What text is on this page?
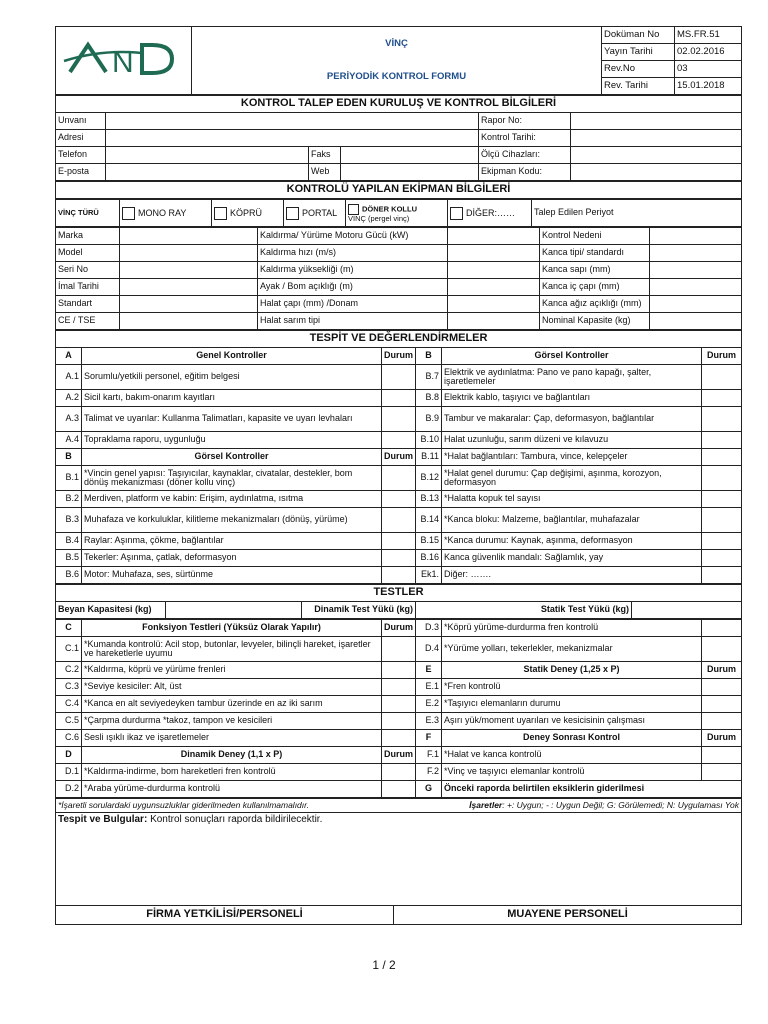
N	VİNÇ	Doküman No	MS.FR.51
		Yayın Tarihi	02.02.2016
	PERİYODİK KONTROL FORMU	Rev.No	03
		Rev. Tarihi	15.01.2018
KONTROL TALEP EDEN KURULUŞ VE KONTROL BİLGİLERİ					
Unvanı				Rapor No:	
Adresi				Kontrol Tarihi:	
Telefon		Faks		Ölçü Cihazları:	
E-posta		Web		Ekipman Kodu:	
KONTROLÜ YAPILAN EKİPMAN BİLGİLERİ
VİNÇ TÜRÜ	MONO RAY	KÖPRÜ	PORTAL	DÖNER KOLLU
VİNÇ (pergel vinç)	DİĞER:……	Talep Edilen Periyot
Marka		Kaldırma/ Yürüme Motoru Gücü (kW)		Kontrol Nedeni	
Model		Kaldırma hızı (m/s)		Kanca tipi/ standardı	
Seri No		Kaldırma yüksekliği (m)		Kanca sapı (mm)	
İmal Tarihi		Ayak / Bom açıklığı (m)		Kanca iç çapı (mm)	
Standart		Halat çapı (mm) /Donam		Kanca ağız açıklığı (mm)	
CE / TSE		Halat sarım tipi		Nominal Kapasite (kg)	
TESPİT VE DEĞERLENDİRMELER					
A	Genel Kontroller	Durum	B	Görsel Kontroller	Durum
A.1	Sorumlu/yetkili personel, eğitim belgesi		B.7	Elektrik ve aydınlatma: Pano ve pano kapağı, şalter, işaretlemeler	
A.2	Sicil kartı, bakım-onarım kayıtları		B.8	Elektrik kablo, taşıyıcı ve bağlantıları	
A.3	Talimat ve uyarılar: Kullanma Talimatları, kapasite ve uyarı levhaları		B.9	Tambur ve makaralar: Çap, deformasyon, bağlantılar	
A.4	Topraklama raporu, uygunluğu		B.10	Halat uzunluğu, sarım düzeni ve kılavuzu	
B	Görsel Kontroller	Durum	B.11	*Halat bağlantıları: Tambura, vince, kelepçeler	
B.1	*Vincin genel yapısı: Taşıyıcılar, kaynaklar, civatalar, destekler, bom dönüş mekanizması (döner kollu vinç)		B.12	*Halat genel durumu: Çap değişimi, aşınma, korozyon, deformasyon	
B.2	Merdiven, platform ve kabin: Erişim, aydınlatma, ısıtma		B.13	*Halatta kopuk tel sayısı	
B.3	Muhafaza ve korkuluklar, kilitleme mekanizmaları (dönüş, yürüme)		B.14	*Kanca bloku: Malzeme, bağlantılar, muhafazalar	
B.4	Raylar: Aşınma, çökme, bağlantılar		B.15	*Kanca durumu: Kaynak, aşınma, deformasyon	
B.5	Tekerler: Aşınma, çatlak, deformasyon		B.16	Kanca güvenlik mandalı: Sağlamlık, yay	
B.6	Motor: Muhafaza, ses, sürtünme		Ek1.	Diğer: …….	
TESTLER
Beyan Kapasitesi (kg)		Dinamik Test Yükü (kg)	Statik Test Yükü (kg)	
C	Fonksiyon Testleri (Yüksüz Olarak Yapılır)	Durum	D.3	*Köprü yürüme-durdurma fren kontrolü	
C.1	*Kumanda kontrolü: Acil stop, butonlar, levyeler, bilinçli hareket, işaretler ve hareketlerle uyumu		D.4	*Yürüme yolları, tekerlekler, mekanizmalar	
C.2	*Kaldırma, köprü ve yürüme frenleri		E	Statik Deney (1,25 x P)	Durum
C.3	*Seviye kesiciler: Alt, üst		E.1	*Fren kontrolü	
C.4	*Kanca en alt seviyedeyken tambur üzerinde en az iki sarım		E.2	*Taşıyıcı elemanların durumu	
C.5	*Çarpma durdurma *takoz, tampon ve kesicileri		E.3	Aşırı yük/moment uyarıları ve kesicisinin çalışması	
C.6	Sesli ışıklı ikaz ve işaretlemeler		F	Deney Sonrası Kontrol	Durum
D	Dinamik Deney (1,1 x P)	Durum	F.1	*Halat ve kanca kontrolü	
D.1	*Kaldırma-indirme, bom hareketleri fren kontrolü		F.2	*Vinç ve taşıyıcı elemanlar kontrolü	
D.2	*Araba yürüme-durdurma kontrolü		G	Önceki raporda belirtilen eksiklerin giderilmesi	
*İşaretli sorulardaki uygunsuzluklar giderilmeden kullanılmamalıdır.	İşaretler: +: Uygun; - : Uygun Değil; G: Görülemedi; N: Uygulaması Yok

Tespit ve Bulgular: Kontrol sonuçları raporda bildirilecektir.
FİRMA YETKİLİSİ/PERSONELİ	MUAYENE PERSONELİ
1 / 2
